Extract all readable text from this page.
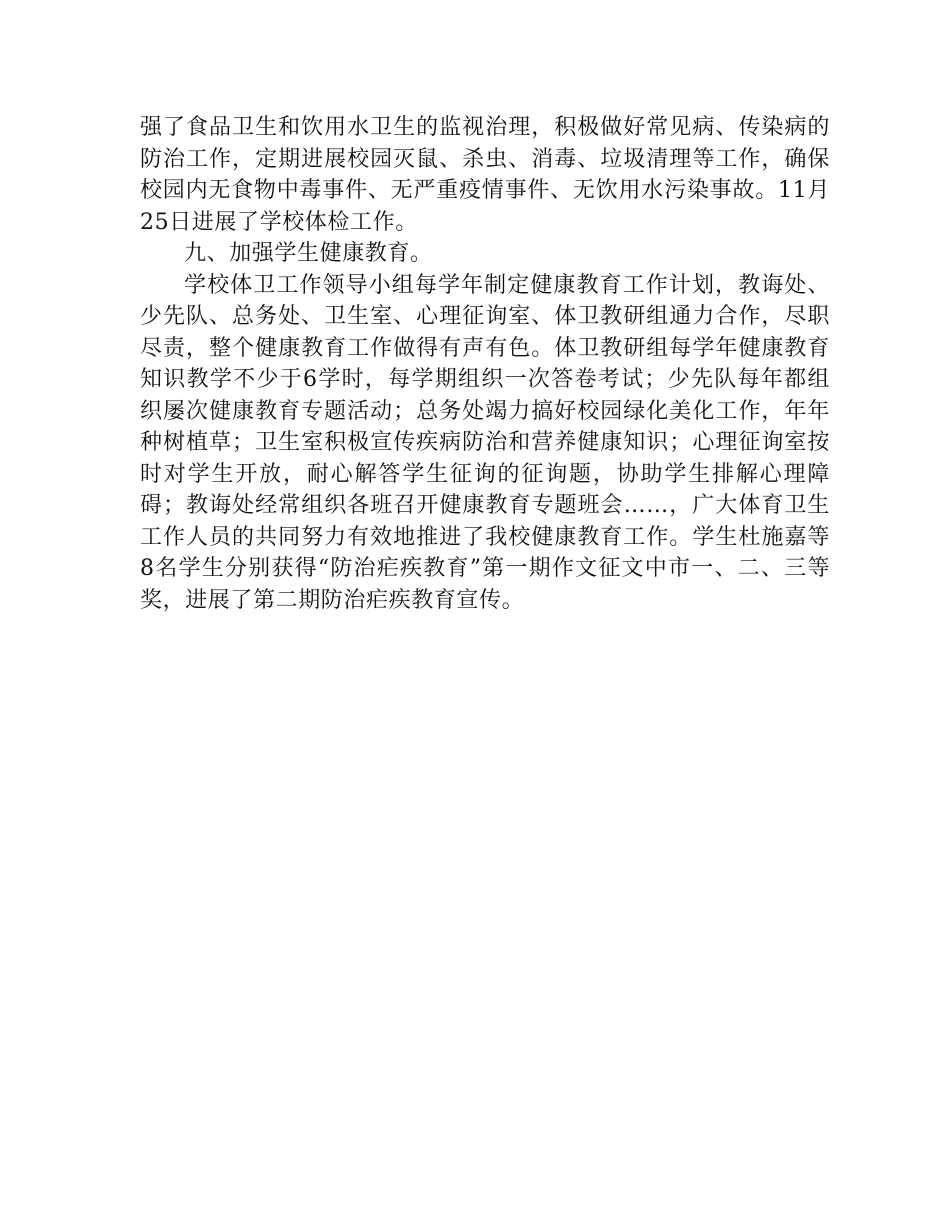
强了食品卫生和饮用水卫生的监视治理，积极做好常见病、传染病的防治工作，定期进展校园灭鼠、杀虫、消毒、垃圾清理等工作，确保校园内无食物中毒事件、无严重疫情事件、无饮用水污染事故。11月25日进展了学校体检工作。

九、加强学生健康教育。

学校体卫工作领导小组每学年制定健康教育工作计划，教诲处、少先队、总务处、卫生室、心理征询室、体卫教研组通力合作，尽职尽责，整个健康教育工作做得有声有色。体卫教研组每学年健康教育知识教学不少于6学时，每学期组织一次答卷考试；少先队每年都组织屡次健康教育专题活动；总务处竭力搞好校园绿化美化工作，年年种树植草；卫生室积极宣传疾病防治和营养健康知识；心理征询室按时对学生开放，耐心解答学生征询的征询题，协助学生排解心理障碍；教诲处经常组织各班召开健康教育专题班会……，广大体育卫生工作人员的共同努力有效地推进了我校健康教育工作。学生杜施嘉等8名学生分别获得“防治疟疾教育”第一期作文征文中市一、二、三等奖，进展了第二期防治疟疾教育宣传。
